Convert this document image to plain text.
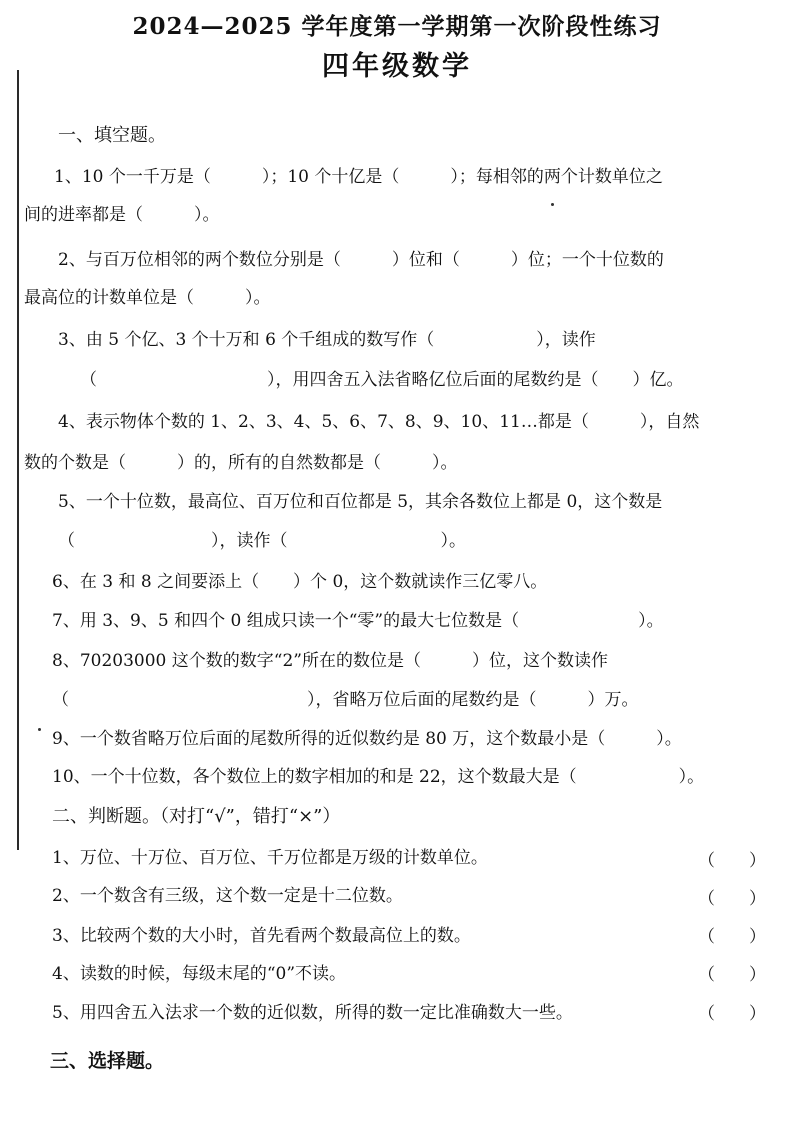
2024—2025 学年度第一学期第一次阶段性练习
四年级数学
一、填空题。
1、10 个一千万是（　　　）；10 个十亿是（　　　）；每相邻的两个计数单位之
间的进率都是（　　　）。
2、与百万位相邻的两个数位分别是（　　　）位和（　　　）位；一个十位数的
最高位的计数单位是（　　　）。
3、由 5 个亿、3 个十万和 6 个千组成的数写作（　　　　　　），读作
（　　　　　　　　　　），用四舍五入法省略亿位后面的尾数约是（　　）亿。
4、表示物体个数的 1、2、3、4、5、6、7、8、9、10、11…都是（　　　），自然
数的个数是（　　　）的，所有的自然数都是（　　　）。
5、一个十位数，最高位、百万位和百位都是 5，其余各数位上都是 0，这个数是
（　　　　　　　　），读作（　　　　　　　　　）。
6、在 3 和 8 之间要添上（　　）个 0，这个数就读作三亿零八。
7、用 3、9、5 和四个 0 组成只读一个“零”的最大七位数是（　　　　　　　）。
8、70203000 这个数的数字“2”所在的数位是（　　　）位，这个数读作
（　　　　　　　　　　　　　　），省略万位后面的尾数约是（　　　）万。
9、一个数省略万位后面的尾数所得的近似数约是 80 万，这个数最小是（　　　）。
10、一个十位数，各个数位上的数字相加的和是 22，这个数最大是（　　　　　　）。
二、判断题。（对打“√”，错打“×”）
1、万位、十万位、百万位、千万位都是万级的计数单位。	（　　）
2、一个数含有三级，这个数一定是十二位数。	（　　）
3、比较两个数的大小时，首先看两个数最高位上的数。	（　　）
4、读数的时候，每级末尾的“0”不读。	（　　）
5、用四舍五入法求一个数的近似数，所得的数一定比准确数大一些。	（　　）
三、选择题。
